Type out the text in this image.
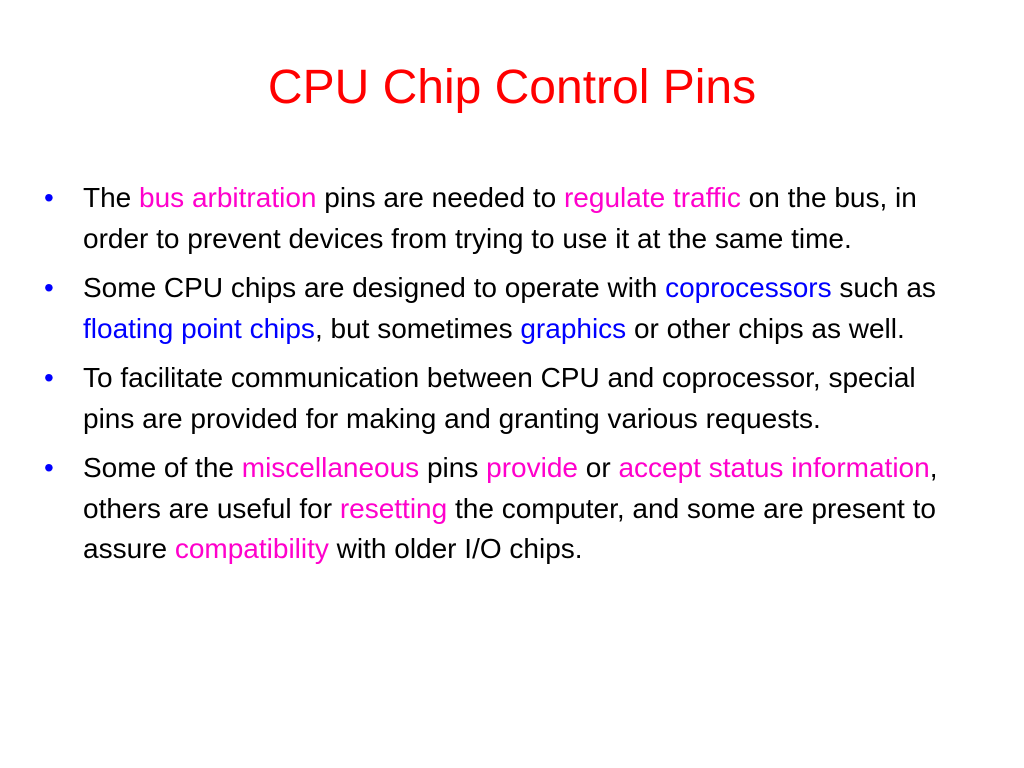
CPU Chip Control Pins
• The bus arbitration pins are needed to regulate traffic on the bus, in order to prevent devices from trying to use it at the same time.
• Some CPU chips are designed to operate with coprocessors such as floating point chips, but sometimes graphics or other chips as well.
• To facilitate communication between CPU and coprocessor, special pins are provided for making and granting various requests.
• Some of the miscellaneous pins provide or accept status information, others are useful for resetting the computer, and some are present to assure compatibility with older I/O chips.
